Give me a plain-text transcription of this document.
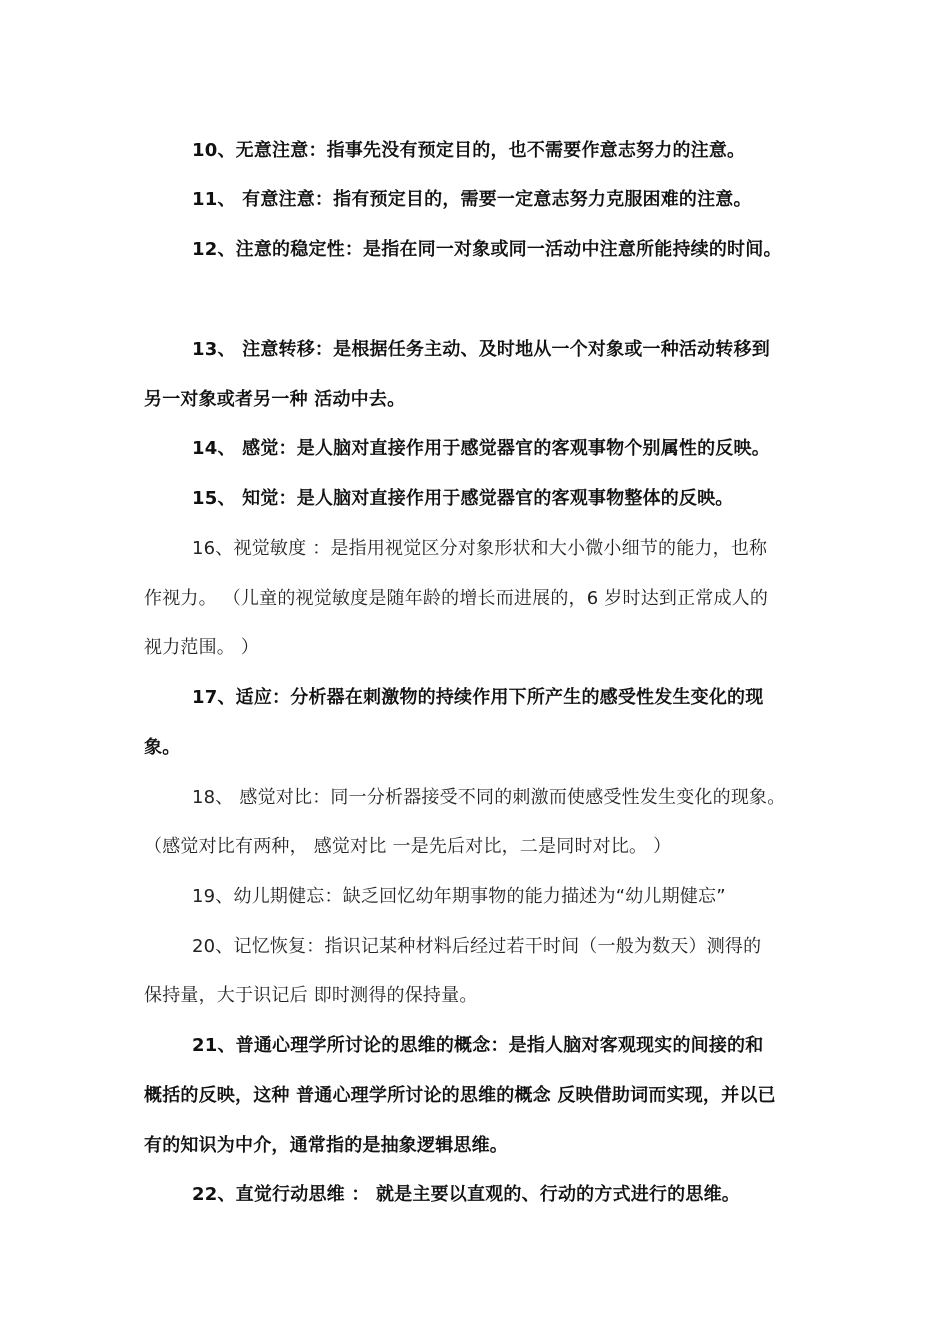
10、无意注意：指事先没有预定目的，也不需要作意志努力的注意。
11、 有意注意：指有预定目的，需要一定意志努力克服困难的注意。
12、注意的稳定性：是指在同一对象或同一活动中注意所能持续的时间。
13、 注意转移：是根据任务主动、及时地从一个对象或一种活动转移到
另一对象或者另一种 活动中去。
14、 感觉：是人脑对直接作用于感觉器官的客观事物个别属性的反映。
15、 知觉：是人脑对直接作用于感觉器官的客观事物整体的反映。
16、视觉敏度 ：是指用视觉区分对象形状和大小微小细节的能力，也称
作视力。 （儿童的视觉敏度是随年龄的增长而进展的，6 岁时达到正常成人的
视力范围。 ）
17、适应：分析器在刺激物的持续作用下所产生的感受性发生变化的现
象。
18、 感觉对比：同一分析器接受不同的刺激而使感受性发生变化的现象。
（感觉对比有两种， 感觉对比 一是先后对比，二是同时对比。 ）
19、幼儿期健忘：缺乏回忆幼年期事物的能力描述为“幼儿期健忘”
20、记忆恢复：指识记某种材料后经过若干时间（一般为数天）测得的
保持量，大于识记后 即时测得的保持量。
21、普通心理学所讨论的思维的概念：是指人脑对客观现实的间接的和
概括的反映，这种 普通心理学所讨论的思维的概念 反映借助词而实现，并以已
有的知识为中介，通常指的是抽象逻辑思维。
22、直觉行动思维 ： 就是主要以直观的、行动的方式进行的思维。
